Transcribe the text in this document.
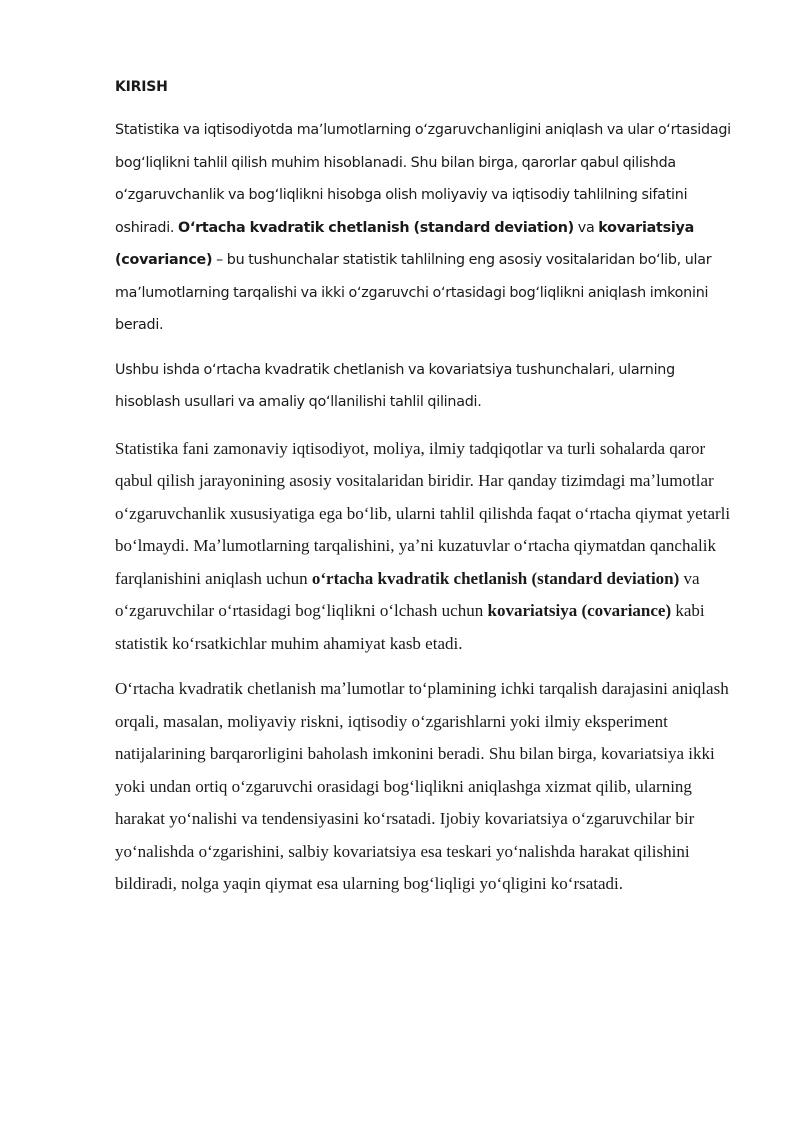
KIRISH

Statistika va iqtisodiyotda maʼlumotlarning oʻzgaruvchanligini aniqlash va ular oʻrtasidagi bogʻliqlikni tahlil qilish muhim hisoblanadi. Shu bilan birga, qarorlar qabul qilishda oʻzgaruvchanlik va bogʻliqlikni hisobga olish moliyaviy va iqtisodiy tahlilning sifatini oshiradi. Oʻrtacha kvadratik chetlanish (standard deviation) va kovariatsiya (covariance) – bu tushunchalar statistik tahlilning eng asosiy vositalaridan boʻlib, ular maʼlumotlarning tarqalishi va ikki oʻzgaruvchi oʻrtasidagi bogʻliqlikni aniqlash imkonini beradi.

Ushbu ishda oʻrtacha kvadratik chetlanish va kovariatsiya tushunchalari, ularning hisoblash usullari va amaliy qoʻllanilishi tahlil qilinadi.

Statistika fani zamonaviy iqtisodiyot, moliya, ilmiy tadqiqotlar va turli sohalarda qaror qabul qilish jarayonining asosiy vositalaridan biridir. Har qanday tizimdagi maʼlumotlar oʻzgaruvchanlik xususiyatiga ega boʻlib, ularni tahlil qilishda faqat oʻrtacha qiymat yetarli boʻlmaydi. Maʼlumotlarning tarqalishini, yaʼni kuzatuvlar oʻrtacha qiymatdan qanchalik farqlanishini aniqlash uchun oʻrtacha kvadratik chetlanish (standard deviation) va oʻzgaruvchilar oʻrtasidagi bogʻliqlikni oʻlchash uchun kovariatsiya (covariance) kabi statistik koʻrsatkichlar muhim ahamiyat kasb etadi.

Oʻrtacha kvadratik chetlanish maʼlumotlar toʻplamining ichki tarqalish darajasini aniqlash orqali, masalan, moliyaviy riskni, iqtisodiy oʻzgarishlarni yoki ilmiy eksperiment natijalarining barqarorligini baholash imkonini beradi. Shu bilan birga, kovariatsiya ikki yoki undan ortiq oʻzgaruvchi orasidagi bogʻliqlikni aniqlashga xizmat qilib, ularning harakat yoʻnalishi va tendensiyasini koʻrsatadi. Ijobiy kovariatsiya oʻzgaruvchilar bir yoʻnalishda oʻzgarishini, salbiy kovariatsiya esa teskari yoʻnalishda harakat qilishini bildiradi, nolga yaqin qiymat esa ularning bogʻliqligi yoʻqligini koʻrsatadi.
